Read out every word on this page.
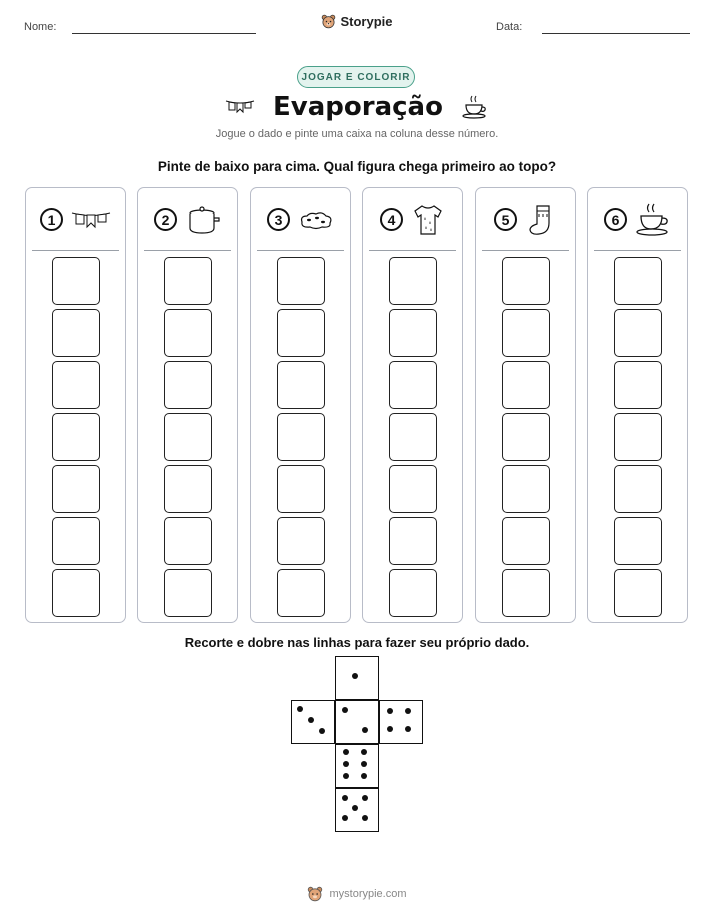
Nome:	Storypie	Data:
JOGAR E COLORIR
Evaporação
Jogue o dado e pinte uma caixa na coluna desse número.
Pinte de baixo para cima. Qual figura chega primeiro ao topo?
1	2	3	4	5	6
Recorte e dobre nas linhas para fazer seu próprio dado.
mystorypie.com
